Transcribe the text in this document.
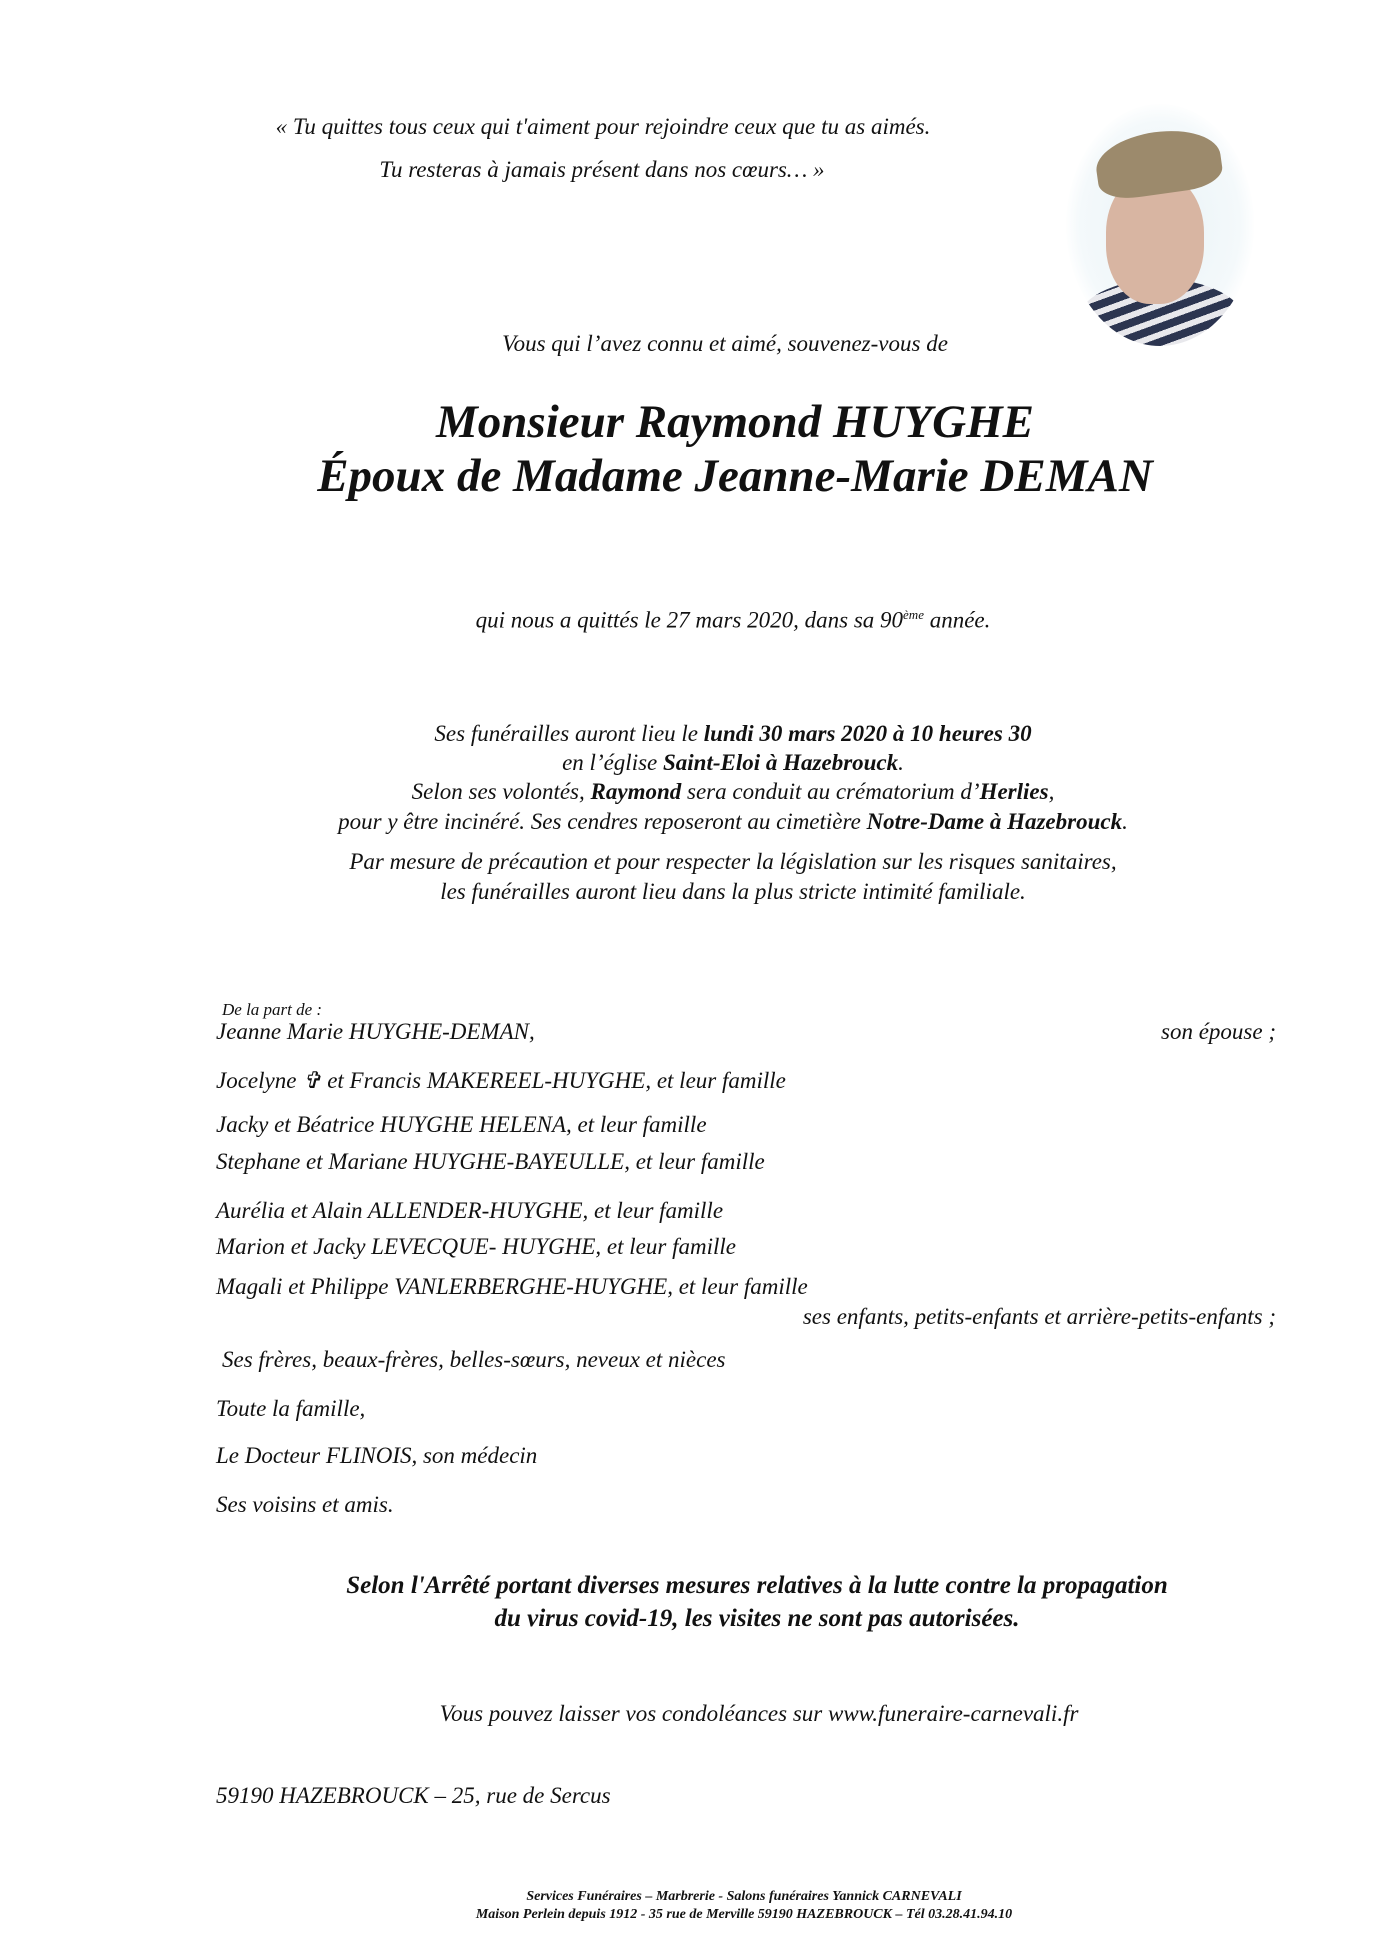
« Tu quittes tous ceux qui t'aiment pour rejoindre ceux que tu as aimés.
Tu resteras à jamais présent dans nos cœurs… »
Vous qui l’avez connu et aimé, souvenez-vous de
Monsieur Raymond HUYGHE
Époux de Madame Jeanne-Marie DEMAN
qui nous a quittés le 27 mars 2020, dans sa 90ème année.
Ses funérailles auront lieu le lundi 30 mars 2020 à 10 heures 30
en l’église Saint-Eloi à Hazebrouck.
Selon ses volontés, Raymond sera conduit au crématorium d’Herlies,
pour y être incinéré. Ses cendres reposeront au cimetière Notre-Dame à Hazebrouck.
Par mesure de précaution et pour respecter la législation sur les risques sanitaires,
les funérailles auront lieu dans la plus stricte intimité familiale.
De la part de :
Jeanne Marie HUYGHE-DEMAN,	son épouse ;
Jocelyne ✞ et Francis MAKEREEL-HUYGHE, et leur famille
Jacky et Béatrice HUYGHE HELENA, et leur famille
Stephane et Mariane HUYGHE-BAYEULLE, et leur famille
Aurélia et Alain ALLENDER-HUYGHE, et leur famille
Marion et Jacky LEVECQUE- HUYGHE, et leur famille
Magali et Philippe VANLERBERGHE-HUYGHE, et leur famille
ses enfants, petits-enfants et arrière-petits-enfants ;
Ses frères, beaux-frères, belles-sœurs, neveux et nièces
Toute la famille,
Le Docteur FLINOIS, son médecin
Ses voisins et amis.
Selon l'Arrêté portant diverses mesures relatives à la lutte contre la propagation
du virus covid-19, les visites ne sont pas autorisées.
Vous pouvez laisser vos condoléances sur www.funeraire-carnevali.fr
59190 HAZEBROUCK – 25, rue de Sercus
Services Funéraires – Marbrerie - Salons funéraires Yannick CARNEVALI
Maison Perlein depuis 1912 - 35 rue de Merville 59190 HAZEBROUCK – Tél 03.28.41.94.10
